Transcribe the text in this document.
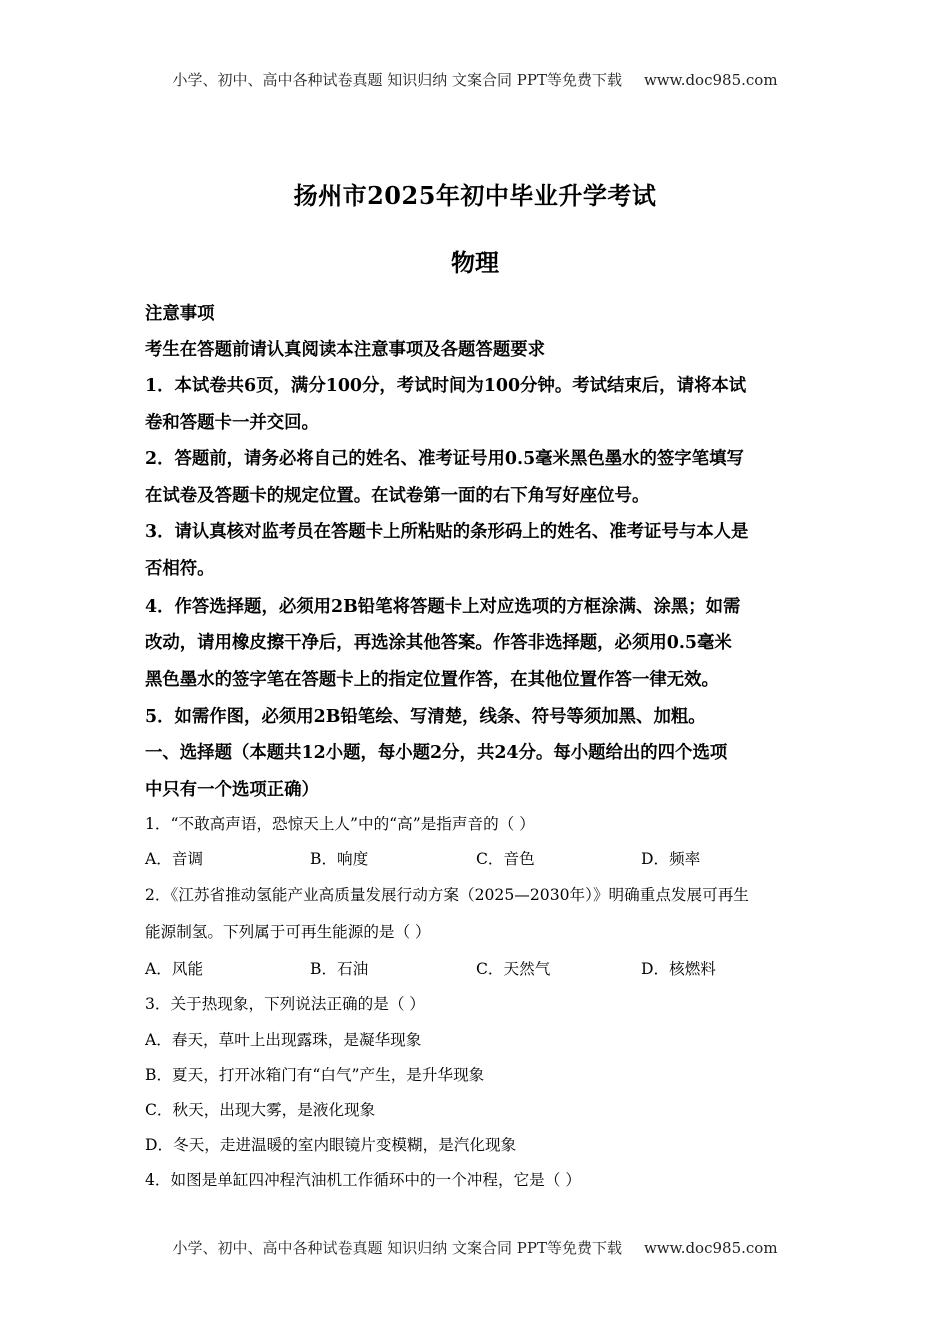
小学、初中、高中各种试卷真题 知识归纳 文案合同 PPT等免费下载 www.doc985.com
扬州市2025年初中毕业升学考试
物理
注意事项
考生在答题前请认真阅读本注意事项及各题答题要求
1．本试卷共6页，满分100分，考试时间为100分钟。考试结束后，请将本试
卷和答题卡一并交回。
2．答题前，请务必将自己的姓名、准考证号用0.5毫米黑色墨水的签字笔填写
在试卷及答题卡的规定位置。在试卷第一面的右下角写好座位号。
3．请认真核对监考员在答题卡上所粘贴的条形码上的姓名、准考证号与本人是
否相符。
4．作答选择题，必须用2B铅笔将答题卡上对应选项的方框涂满、涂黑；如需
改动，请用橡皮擦干净后，再选涂其他答案。作答非选择题，必须用0.5毫米
黑色墨水的签字笔在答题卡上的指定位置作答，在其他位置作答一律无效。
5．如需作图，必须用2B铅笔绘、写清楚，线条、符号等须加黑、加粗。
一、选择题（本题共12小题，每小题2分，共24分。每小题给出的四个选项
中只有一个选项正确）
1．“不敢高声语，恐惊天上人”中的“高”是指声音的（ ）
A．音调	B．响度	C．音色	D．频率
2．《江苏省推动氢能产业高质量发展行动方案（2025—2030年）》明确重点发展可再生
能源制氢。下列属于可再生能源的是（ ）
A．风能	B．石油	C．天然气	D．核燃料
3．关于热现象，下列说法正确的是（ ）
A．春天，草叶上出现露珠，是凝华现象
B．夏天，打开冰箱门有“白气”产生，是升华现象
C．秋天，出现大雾，是液化现象
D．冬天，走进温暖的室内眼镜片变模糊，是汽化现象
4．如图是单缸四冲程汽油机工作循环中的一个冲程，它是（ ）
小学、初中、高中各种试卷真题 知识归纳 文案合同 PPT等免费下载 www.doc985.com
